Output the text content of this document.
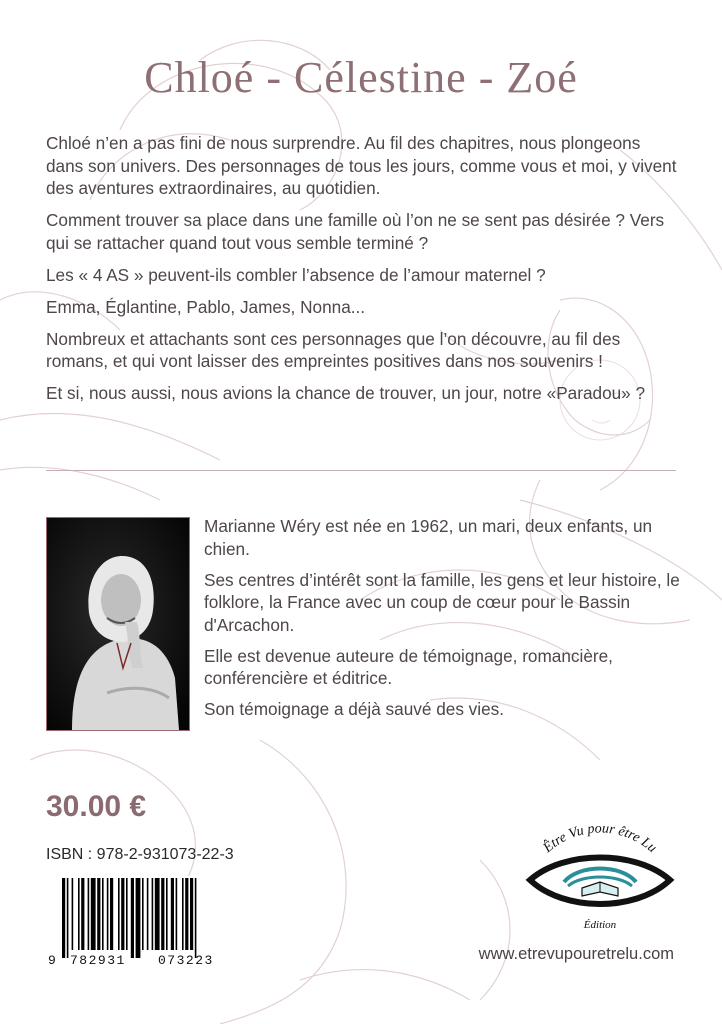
Chloé - Célestine - Zoé

Chloé n’en a pas fini de nous surprendre. Au fil des chapitres, nous plongeons dans son univers. Des personnages de tous les jours, comme vous et moi, y vivent des aventures extraordinaires, au quotidien.

Comment trouver sa place dans une famille où l’on ne se sent pas désirée ? Vers qui se rattacher quand tout vous semble terminé ?

Les « 4 AS » peuvent-ils combler l’absence de l’amour maternel ?

Emma, Églantine, Pablo, James, Nonna...

Nombreux et attachants sont ces personnages que l’on découvre, au fil des romans, et qui vont laisser des empreintes positives dans nos souvenirs !

Et si, nous aussi, nous avions la chance de trouver, un jour, notre «Paradou» ?

Marianne Wéry est née en 1962, un mari, deux enfants, un chien.

Ses centres d’intérêt sont la famille, les gens et leur histoire, le folklore, la France avec un coup de cœur pour le Bassin d'Arcachon.

Elle est devenue auteure de témoignage, romancière, conférencière et éditrice.

Son témoignage a déjà sauvé des vies.

30.00 €
ISBN : 978-2-931073-22-3
9 782931 073223
Être Vu pour être Lu
Édition
www.etrevupouretrelu.com
